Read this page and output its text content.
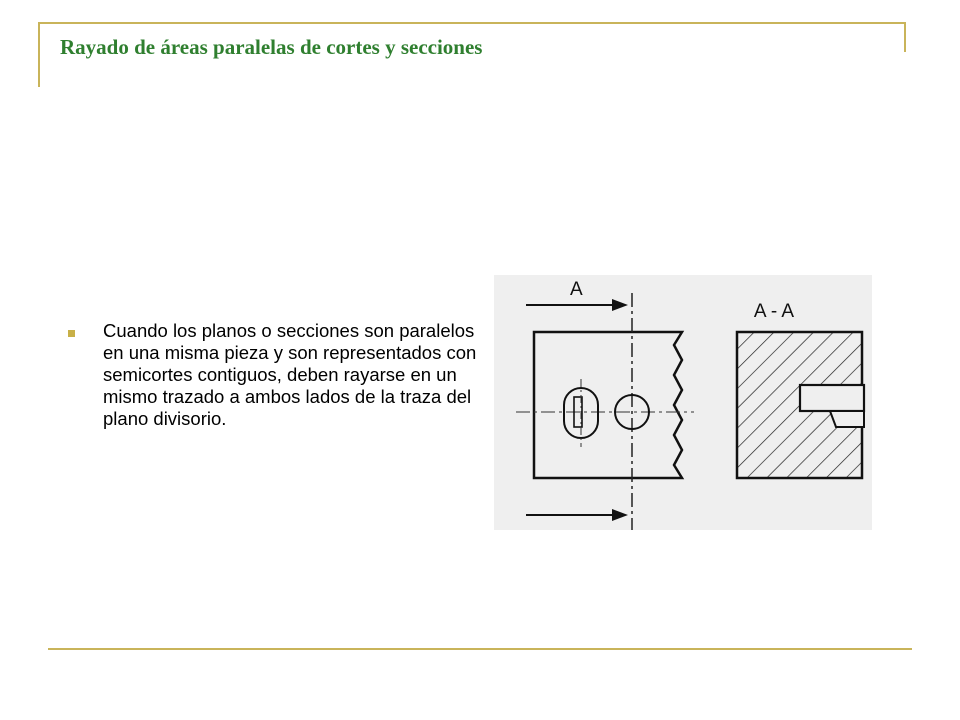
Rayado de áreas paralelas de cortes y secciones

Cuando los planos o secciones son paralelos en una misma pieza y son representados con semicortes contiguos, deben rayarse en un mismo trazado a ambos lados de la traza del plano divisorio.

A
A - A
